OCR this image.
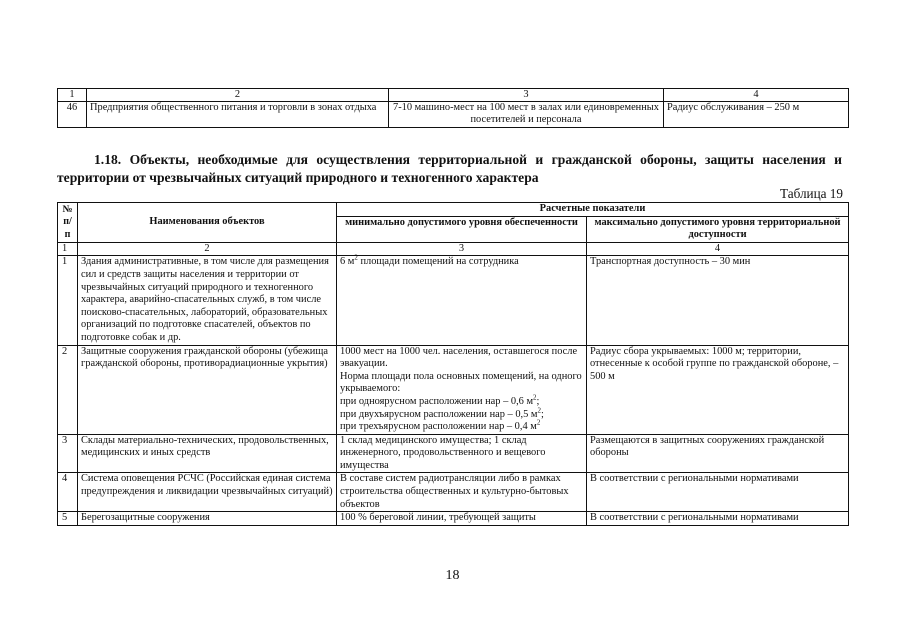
1	2	3	4
46	Предприятия общественного питания и торговли в зонах отдыха	7-10 машино-мест на 100 мест в залах или единовременных посетителей и персонала	Радиус обслуживания – 250 м
1.18. Объекты, необходимые для осуществления территориальной и гражданской обороны, защиты населения и территории от чрезвычайных ситуаций природного и техногенного характера
Таблица 19
№ п/п	Наименования объектов	Расчетные показатели	
		минимально допустимого уровня обеспеченности	максимально допустимого уровня территориальной доступности
1	2	3	4
1	Здания административные, в том числе для размещения сил и средств защиты населения и территории от чрезвычайных ситуаций природного и техногенного характера, аварийно-спасательных служб, в том числе поисково-спасательных, лабораторий, образовательных организаций по подготовке спасателей, объектов по подготовке собак и др.	6 $м^2$ площади помещений на сотрудника	Транспортная доступность – 30 мин
2	Защитные сооружения гражданской обороны (убежища гражданской обороны, противорадиационные укрытия)	1000 мест на 1000 чел. населения, оставшегося после эвакуации.
Норма площади пола основных помещений, на одного укрываемого:
при одноярусном расположении нар – 0,6 $м^2$;
при двухъярусном расположении нар – 0,5 $м^2$;
при трехъярусном расположении нар – 0,4 $м^2$	Радиус сбора укрываемых: 1000 м; территории, отнесенные к особой группе по гражданской обороне, – 500 м
3	Склады материально-технических, продовольственных, медицинских и иных средств	1 склад медицинского имущества; 1 склад инженерного, продовольственного и вещевого имущества	Размещаются в защитных сооружениях гражданской обороны
4	Система оповещения РСЧС (Российская единая система предупреждения и ликвидации чрезвычайных ситуаций)	В составе систем радиотрансляции либо в рамках строительства общественных и культурно-бытовых объектов	В соответствии с региональными нормативами
5	Берегозащитные сооружения	100 % береговой линии, требующей защиты	В соответствии с региональными нормативами
18
